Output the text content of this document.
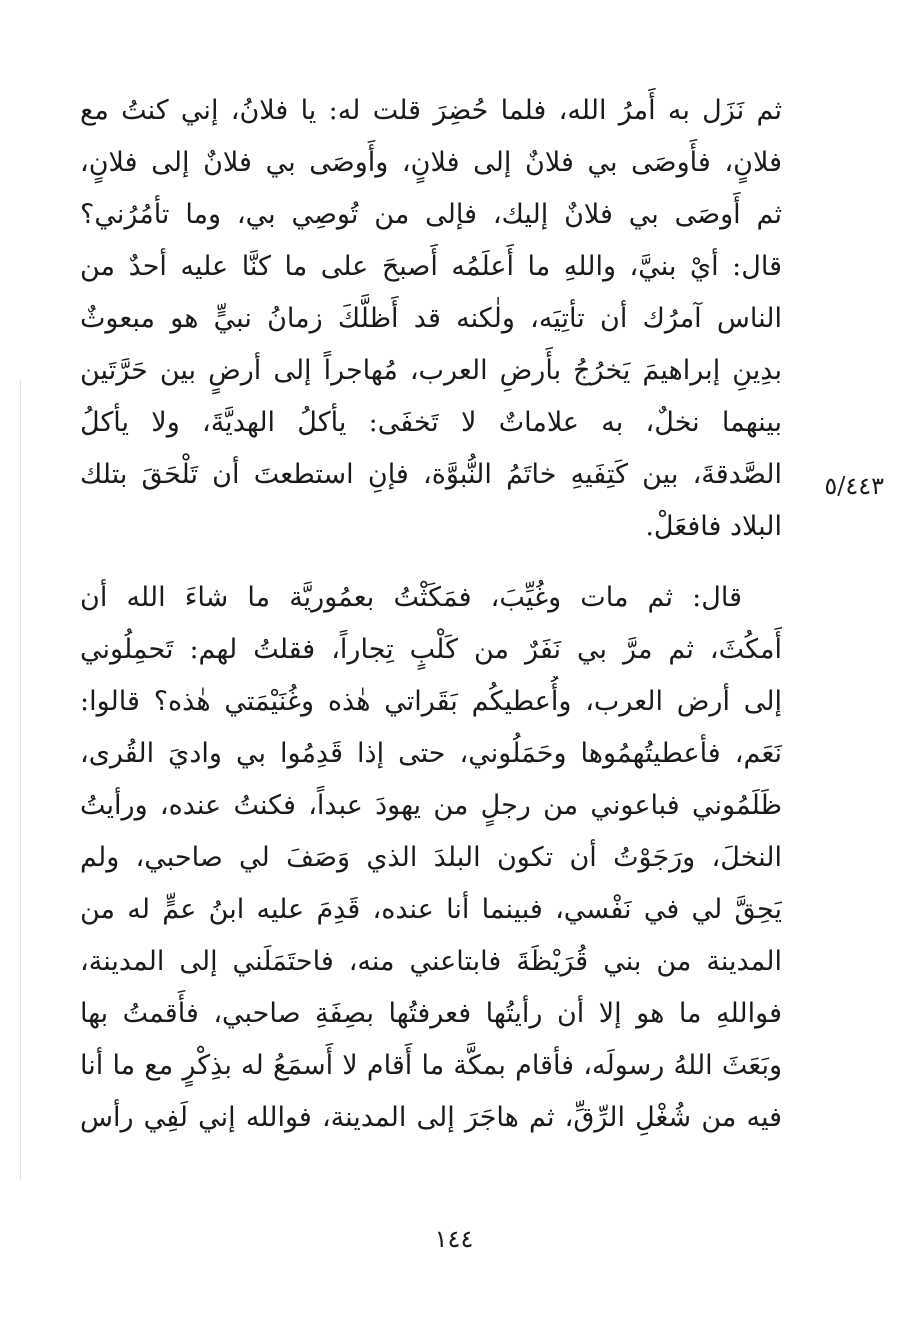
ثم نَزَل به أَمرُ الله، فلما حُضِرَ قلت له: يا فلانُ، إني كنتُ مع
فلانٍ، فأَوصَى بي فلانٌ إلى فلانٍ، وأَوصَى بي فلانٌ إلى فلانٍ،
ثم أَوصَى بي فلانٌ إليك، فإلى من تُوصِي بي، وما تأمُرُني؟
قال: أيْ بنيَّ، واللهِ ما أَعلَمُه أَصبحَ على ما كنَّا عليه أحدٌ من
الناس آمرُك أن تأتِيَه، ولٰكنه قد أَظلَّكَ زمانُ نبيٍّ هو مبعوثٌ
بدِينِ إبراهيمَ يَخرُجُ بأَرضِ العرب، مُهاجراً إلى أرضٍ بين حَرَّتَين
بينهما نخلٌ، به علاماتٌ لا تَخفَى: يأكلُ الهديَّةَ، ولا يأكلُ
الصَّدقةَ، بين كَتِفَيهِ خاتَمُ النُّبوَّة، فإنِ استطعتَ أن تَلْحَقَ بتلك
البلاد فافعَلْ.
٥/٤٤٣
قال: ثم مات وغُيِّبَ، فمَكَثْتُ بعمُوريَّة ما شاءَ الله أن
أَمكُثَ، ثم مرَّ بي نَفَرٌ من كَلْبٍ تِجاراً، فقلتُ لهم: تَحمِلُوني
إلى أرض العرب، وأُعطيكُم بَقَراتي هٰذه وغُنَيْمَتي هٰذه؟ قالوا:
نَعَم، فأعطيتُهمُوها وحَمَلُوني، حتى إذا قَدِمُوا بي واديَ القُرى،
ظَلَمُوني فباعوني من رجلٍ من يهودَ عبداً، فكنتُ عنده، ورأيتُ
النخلَ، ورَجَوْتُ أن تكون البلدَ الذي وَصَفَ لي صاحبي، ولم
يَحِقَّ لي في نَفْسي، فبينما أنا عنده، قَدِمَ عليه ابنُ عمٍّ له من
المدينة من بني قُرَيْظَةَ فابتاعني منه، فاحتَمَلَني إلى المدينة،
فواللهِ ما هو إلا أن رأيتُها فعرفتُها بصِفَةِ صاحبي، فأَقمتُ بها
وبَعَثَ اللهُ رسولَه، فأقام بمكَّة ما أَقام لا أَسمَعُ له بذِكْرٍ مع ما أنا
فيه من شُغْلِ الرِّقِّ، ثم هاجَرَ إلى المدينة، فوالله إني لَفِي رأس
١٤٤
